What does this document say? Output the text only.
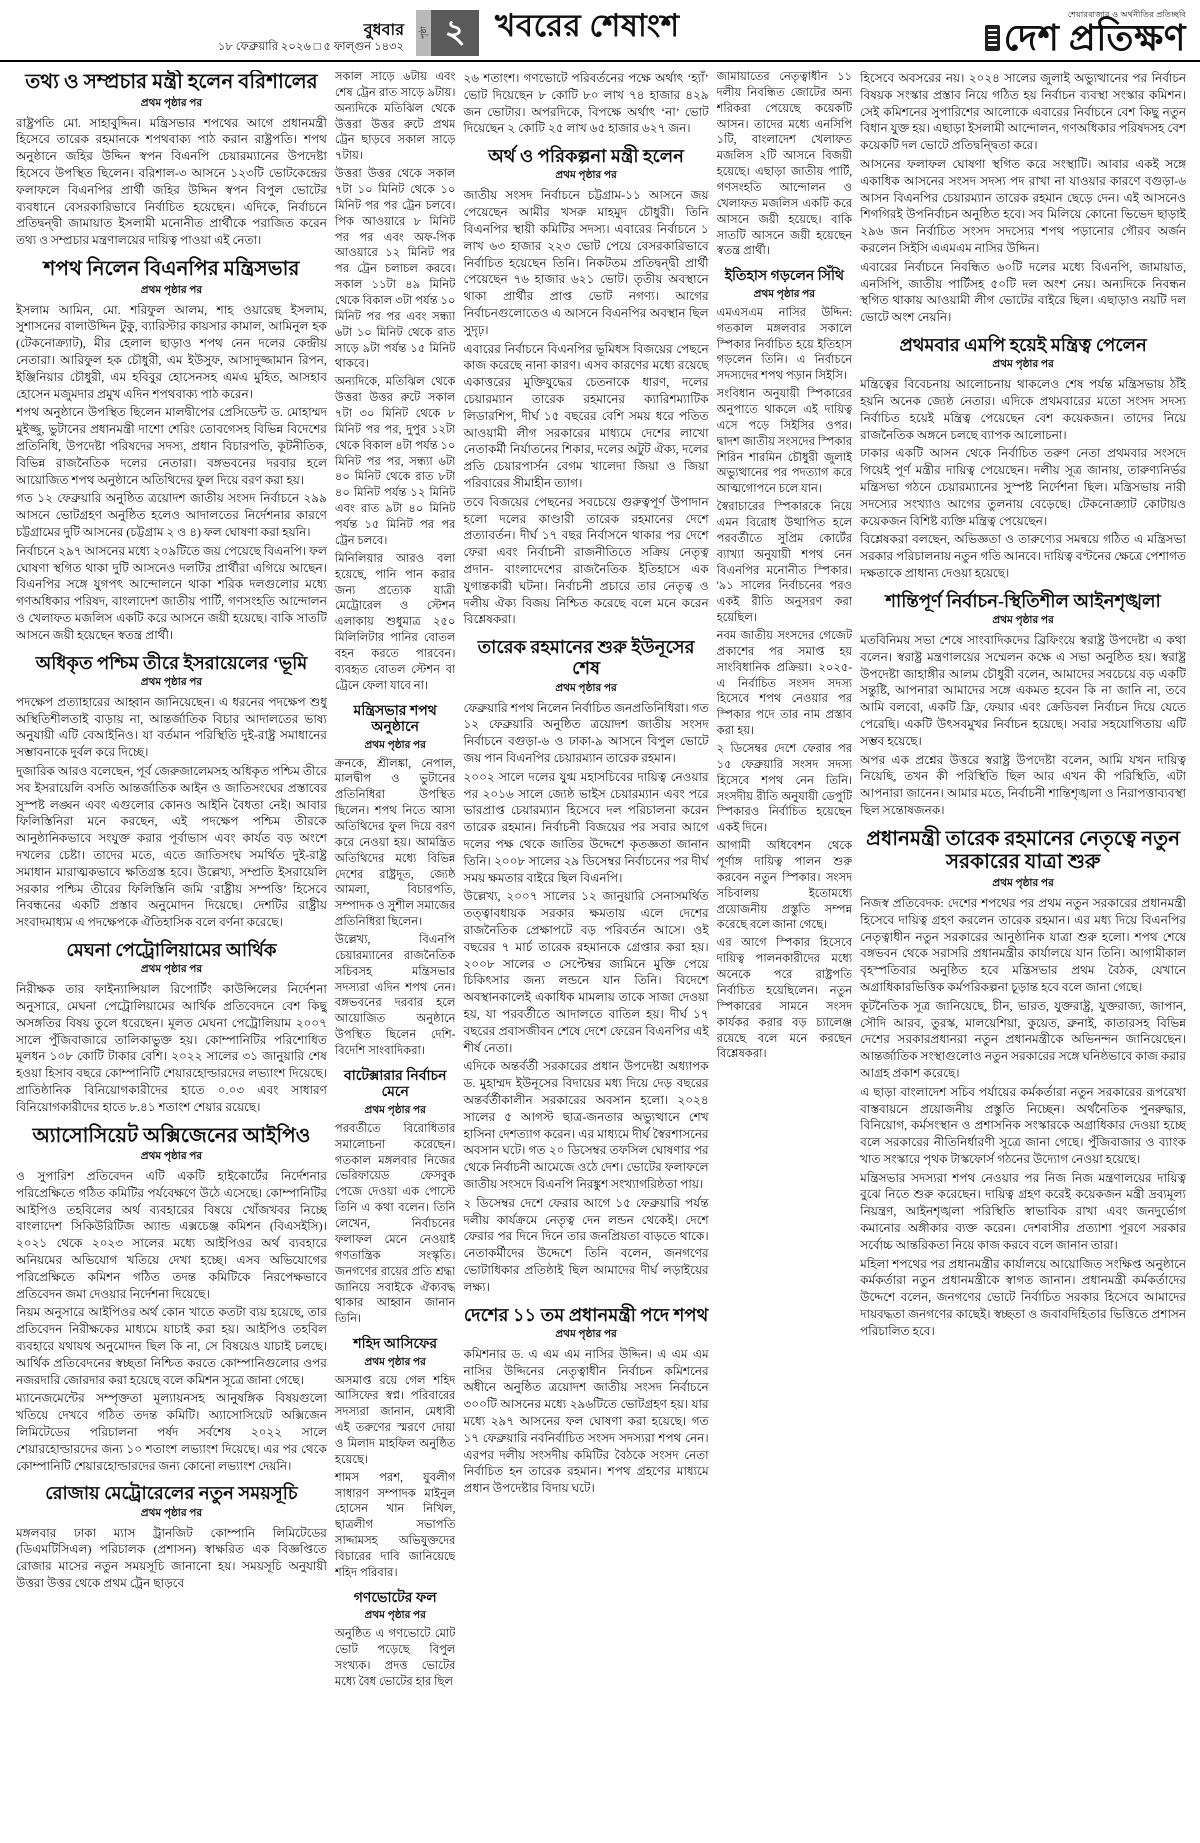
বুধবার
১৮ ফেব্রুয়ারি ২০২৬ □ ৫ ফাল্গুন ১৪৩২
পৃষ্ঠা ২ খবরের শেষাংশ	শেয়ারবাজার ও অর্থনীতির প্রতিচ্ছবি
দেশ প্রতিক্ষণ
তথ্য ও সম্প্রচার মন্ত্রী হলেন বরিশালের
প্রথম পৃষ্ঠার পর

রাষ্ট্রপতি মো. সাহাবুদ্দিন। মন্ত্রিসভার শপথের আগে প্রধানমন্ত্রী হিসেবে তারেক রহমানকে শপথবাক্য পাঠ করান রাষ্ট্রপতি। শপথ অনুষ্ঠানে জহির উদ্দিন স্বপন বিএনপি চেয়ারম্যানের উপদেষ্টা হিসেবে উপস্থিত ছিলেন। বরিশাল-৩ আসনে ১২৩টি ভোটকেন্দ্রের ফলাফলে বিএনপির প্রার্থী জহির উদ্দিন স্বপন বিপুল ভোটের ব্যবধানে বেসরকারিভাবে নির্বাচিত হয়েছেন। এদিকে, নির্বাচনে প্রতিদ্বন্দ্বী জামায়াত ইসলামী মনোনীত প্রার্থীকে পরাজিত করেন তথ্য ও সম্প্রচার মন্ত্রণালয়ের দায়িত্ব পাওয়া এই নেতা।

শপথ নিলেন বিএনপির মন্ত্রিসভার
প্রথম পৃষ্ঠার পর

ইসলাম আমিন, মো. শরিফুল আলম, শাহ ওয়ারেছ ইসলাম, সুশাসনের বালাউদ্দিন টুকু, ব্যারিস্টার কায়সার কামাল, আমিনুল হক (টেকনোক্র্যাট), মীর হেলাল ছাড়াও শপথ নেন দলের কেন্দ্রীয় নেতারা। আরিফুল হক চৌধুরী, এম ইউসুফ, আসাদুজ্জামান রিপন, ইঞ্জিনিয়ার চৌধুরী, এম হবিবুর হোসেনসহ এমএ মুহিত, আসহাব হোসেন মজুমদার প্রমুখ এদিন শপথবাক্য পাঠ করেন।

শপথ অনুষ্ঠানে উপস্থিত ছিলেন মালদ্বীপের প্রেসিডেন্ট ড. মোহাম্মদ মুইজ্জু, ভুটানের প্রধানমন্ত্রী দাশো শেরিং তোবগেসহ বিভিন্ন বিদেশের প্রতিনিধি, উপদেষ্টা পরিষদের সদস্য, প্রধান বিচারপতি, কূটনীতিক, বিভিন্ন রাজনৈতিক দলের নেতারা। বঙ্গভবনের দরবার হলে আয়োজিত শপথ অনুষ্ঠানে অতিথিদের ফুল দিয়ে বরণ করা হয়।

গত ১২ ফেব্রুয়ারি অনুষ্ঠিত ত্রয়োদশ জাতীয় সংসদ নির্বাচনে ২৯৯ আসনে ভোটগ্রহণ অনুষ্ঠিত হলেও আদালতের নির্দেশনার কারণে চট্টগ্রামের দুটি আসনের (চট্টগ্রাম ২ ও ৪) ফল ঘোষণা করা হয়নি।

নির্বাচনে ২৯৭ আসনের মধ্যে ২০৯টিতে জয় পেয়েছে বিএনপি। ফল ঘোষণা স্থগিত থাকা দুটি আসনেও দলটির প্রার্থীরা এগিয়ে আছেন। বিএনপির সঙ্গে যুগপৎ আন্দোলনে থাকা শরিক দলগুলোর মধ্যে গণঅধিকার পরিষদ, বাংলাদেশ জাতীয় পার্টি, গণসংহতি আন্দোলন ও খেলাফত মজলিস একটি করে আসনে জয়ী হয়েছে। বাকি সাতটি আসনে জয়ী হয়েছেন স্বতন্ত্র প্রার্থী।

অধিকৃত পশ্চিম তীরে ইসরায়েলের ‘ভূমি
প্রথম পৃষ্ঠার পর

পদক্ষেপ প্রত্যাহারের আহ্বান জানিয়েছেন। এ ধরনের পদক্ষেপ শুধু অস্থিতিশীলতাই বাড়ায় না, আন্তর্জাতিক বিচার আদালতের ভাষ্য অনুযায়ী এটি বেআইনিও। যা বর্তমান পরিস্থিতি দুই-রাষ্ট্র সমাধানের সম্ভাবনাকে দুর্বল করে দিচ্ছে।

দুজারিক আরও বলেছেন, পূর্ব জেরুজালেমসহ অধিকৃত পশ্চিম তীরে সব ইসরায়েলি বসতি আন্তর্জাতিক আইন ও জাতিসংঘের প্রস্তাবের সুস্পষ্ট লঙ্ঘন এবং এগুলোর কোনও আইনি বৈধতা নেই। আবার ফিলিস্তিনিরা মনে করছেন, এই পদক্ষেপ পশ্চিম তীরকে আনুষ্ঠানিকভাবে সংযুক্ত করার পূর্বাভাস এবং কার্যত বড় অংশে দখলের চেষ্টা। তাদের মতে, এতে জাতিসংঘ সমর্থিত দুই-রাষ্ট্র সমাধান মারাত্মকভাবে ক্ষতিগ্রস্ত হবে। উল্লেখ্য, সম্প্রতি ইসরায়েলি সরকার পশ্চিম তীরের ফিলিস্তিনি জমি ‘রাষ্ট্রীয় সম্পত্তি’ হিসেবে নিবন্ধনের একটি প্রস্তাব অনুমোদন দিয়েছে। দেশটির রাষ্ট্রীয় সংবাদমাধ্যম এ পদক্ষেপকে ঐতিহাসিক বলে বর্ণনা করেছে।

মেঘনা পেট্রোলিয়ামের আর্থিক
প্রথম পৃষ্ঠার পর

নিরীক্ষক তার ফাইন্যান্সিয়াল রিপোর্টিং কাউন্সিলের নির্দেশনা অনুসারে, মেঘনা পেট্রোলিয়ামের আর্থিক প্রতিবেদনে বেশ কিছু অসঙ্গতির বিষয় তুলে ধরেছেন। মূলত মেঘনা পেট্রোলিয়াম ২০০৭ সালে পুঁজিবাজারে তালিকাভুক্ত হয়। কোম্পানিটির পরিশোধিত মূলধন ১০৮ কোটি টাকার বেশি। ২০২২ সালের ৩১ জানুয়ারি শেষ হওয়া হিসাব বছরে কোম্পানিটি শেয়ারহোল্ডারদের লভ্যাংশ দিয়েছে। প্রাতিষ্ঠানিক বিনিয়োগকারীদের হাতে ০.০৩ এবং সাধারণ বিনিয়োগকারীদের হাতে ৮.৪১ শতাংশ শেয়ার রয়েছে।

অ্যাসোসিয়েট অক্সিজেনের আইপিও
প্রথম পৃষ্ঠার পর

ও সুপারিশ প্রতিবেদন এটি একটি হাইকোর্টের নির্দেশনার পরিপ্রেক্ষিতে গঠিত কমিটির পর্যবেক্ষণে উঠে এসেছে। কোম্পানিটির আইপিও তহবিলের অর্থ ব্যবহারের বিষয়ে খোঁজখবর নিচ্ছে বাংলাদেশ সিকিউরিটিজ অ্যান্ড এক্সচেঞ্জ কমিশন (বিএসইসি)। ২০২১ থেকে ২০২৩ সালের মধ্যে আইপিওর অর্থ ব্যবহারে অনিয়মের অভিযোগ খতিয়ে দেখা হচ্ছে। এসব অভিযোগের পরিপ্রেক্ষিতে কমিশন গঠিত তদন্ত কমিটিকে নিরপেক্ষভাবে প্রতিবেদন জমা দেওয়ার নির্দেশনা দিয়েছে।

নিয়ম অনুসারে আইপিওর অর্থ কোন খাতে কতটা ব্যয় হয়েছে, তার প্রতিবেদন নিরীক্ষকের মাধ্যমে যাচাই করা হয়। আইপিও তহবিল ব্যবহারে যথাযথ অনুমোদন ছিল কি না, সে বিষয়েও যাচাই চলছে। আর্থিক প্রতিবেদনের স্বচ্ছতা নিশ্চিত করতে কোম্পানিগুলোর ওপর নজরদারি জোরদার করা হয়েছে বলে কমিশন সূত্রে জানা গেছে।

ম্যানেজমেন্টের সম্পৃক্ততা মূল্যায়নসহ আনুষঙ্গিক বিষয়গুলো খতিয়ে দেখবে গঠিত তদন্ত কমিটি। অ্যাসোসিয়েট অক্সিজেন লিমিটেডের পরিচালনা পর্ষদ সর্বশেষ ২০২২ সালে শেয়ারহোল্ডারদের জন্য ১০ শতাংশ লভ্যাংশ দিয়েছে। এর পর থেকে কোম্পানিটি শেয়ারহোল্ডারদের জন্য কোনো লভ্যাংশ দেয়নি।

রোজায় মেট্রোরেলের নতুন সময়সূচি
প্রথম পৃষ্ঠার পর

মঙ্গলবার ঢাকা ম্যাস ট্রানজিট কোম্পানি লিমিটেডের (ডিএমটিসিএল) পরিচালক (প্রশাসন) স্বাক্ষরিত এক বিজ্ঞপ্তিতে রোজার মাসের নতুন সময়সূচি জানানো হয়। সময়সূচি অনুযায়ী উত্তরা উত্তর থেকে প্রথম ট্রেন ছাড়বে

সকাল সাড়ে ৬টায় এবং শেষ ট্রেন রাত সাড়ে ৯টায়। অন্যদিকে মতিঝিল থেকে উত্তরা উত্তর রুটে প্রথম ট্রেন ছাড়বে সকাল সাড়ে ৭টায়।

উত্তরা উত্তর থেকে সকাল ৭টা ১০ মিনিট থেকে ১০ মিনিট পর পর ট্রেন চলবে। পিক আওয়ারে ৮ মিনিট পর পর এবং অফ-পিক আওয়ারে ১২ মিনিট পর পর ট্রেন চলাচল করবে। সকাল ১১টা ৪৯ মিনিট থেকে বিকাল ৩টা পর্যন্ত ১০ মিনিট পর পর এবং সন্ধ্যা ৬টা ১০ মিনিট থেকে রাত সাড়ে ৯টা পর্যন্ত ১৫ মিনিট থাকবে।

অন্যদিকে, মতিঝিল থেকে উত্তরা উত্তর রুটে সকাল ৭টা ৩০ মিনিট থেকে ৮ মিনিট পর পর, দুপুর ১২টা থেকে বিকাল ৪টা পর্যন্ত ১০ মিনিট পর পর, সন্ধ্যা ৬টা ৪০ মিনিট থেকে রাত ৮টা ৪০ মিনিট পর্যন্ত ১২ মিনিট এবং রাত ৯টা ৪০ মিনিট পর্যন্ত ১৫ মিনিট পর পর ট্রেন চলবে।

মিনিলিয়ার আরও বলা হয়েছে, পানি পান করার জন্য প্রত্যেক যাত্রী মেট্রোরেল ও স্টেশন এলাকায় শুধুমাত্র ২৫০ মিলিলিটার পানির বোতল বহন করতে পারবেন। ব্যবহৃত বোতল স্টেশন বা ট্রেনে ফেলা যাবে না।

মন্ত্রিসভার শপথ অনুষ্ঠানে
প্রথম পৃষ্ঠার পর

ক্রনকে, শ্রীলঙ্কা, নেপাল, মালদ্বীপ ও ভুটানের প্রতিনিধিরা উপস্থিত ছিলেন। শপথ নিতে আসা অতিথিদের ফুল দিয়ে বরণ করে নেওয়া হয়। আমন্ত্রিত অতিথিদের মধ্যে বিভিন্ন দেশের রাষ্ট্রদূত, জ্যেষ্ঠ আমলা, বিচারপতি, সম্পাদক ও সুশীল সমাজের প্রতিনিধিরা ছিলেন।

উল্লেখ্য, বিএনপি চেয়ারম্যানের রাজনৈতিক সচিবসহ মন্ত্রিসভার সদস্যরা এদিন শপথ নেন। বঙ্গভবনের দরবার হলে আয়োজিত অনুষ্ঠানে উপস্থিত ছিলেন দেশি-বিদেশি সাংবাদিকরা।

বাটেক্সারার নির্বাচন মেনে
প্রথম পৃষ্ঠার পর

পরবর্তীতে বিরোধিতার সমালোচনা করেছেন। গতকাল মঙ্গলবার নিজের ভেরিফায়েড ফেসবুক পেজে দেওয়া এক পোস্টে তিনি এ কথা বলেন। তিনি লেখেন, নির্বাচনের ফলাফল মেনে নেওয়াই গণতান্ত্রিক সংস্কৃতি। জনগণের রায়ের প্রতি শ্রদ্ধা জানিয়ে সবাইকে ঐক্যবদ্ধ থাকার আহ্বান জানান তিনি।

শহিদ আসিফের
প্রথম পৃষ্ঠার পর

অসমাপ্ত রয়ে গেল শহিদ আসিফের স্বপ্ন। পরিবারের সদস্যরা জানান, মেধাবী এই তরুণের স্মরণে দোয়া ও মিলাদ মাহফিল অনুষ্ঠিত হয়েছে।

শামস পরশ, যুবলীগ সাধারণ সম্পাদক মাইনুল হোসেন খান নিখিল, ছাত্রলীগ সভাপতি সাদ্দামসহ অভিযুক্তদের বিচারের দাবি জানিয়েছে শহিদ পরিবার।

গণভোটের ফল
প্রথম পৃষ্ঠার পর

অনুষ্ঠিত এ গণভোটে মোট ভোট পড়েছে বিপুল সংখ্যক। প্রদত্ত ভোটের মধ্যে বৈধ ভোটের হার ছিল

২৬ শতাংশ। গণভোটে পরিবর্তনের পক্ষে অর্থাৎ ‘হ্যাঁ’ ভোট দিয়েছেন ৮ কোটি ৮০ লাখ ৭৪ হাজার ৪২৯ জন ভোটার। অপরদিকে, বিপক্ষে অর্থাৎ ‘না’ ভোট দিয়েছেন ২ কোটি ২৫ লাখ ৬৫ হাজার ৬২৭ জন।

অর্থ ও পরিকল্পনা মন্ত্রী হলেন
প্রথম পৃষ্ঠার পর

জাতীয় সংসদ নির্বাচনে চট্টগ্রাম-১১ আসনে জয় পেয়েছেন আমীর খসরু মাহমুদ চৌধুরী। তিনি বিএনপির স্থায়ী কমিটির সদস্য। এবারের নির্বাচনে ১ লাখ ৬৩ হাজার ২২৩ ভোট পেয়ে বেসরকারিভাবে নির্বাচিত হয়েছেন তিনি। নিকটতম প্রতিদ্বন্দ্বী প্রার্থী পেয়েছেন ৭৬ হাজার ৬২১ ভোট। তৃতীয় অবস্থানে থাকা প্রার্থীর প্রাপ্ত ভোট নগণ্য। আগের নির্বাচনগুলোতেও এ আসনে বিএনপির অবস্থান ছিল সুদৃঢ়।

এবারের নির্বাচনে বিএনপির ভূমিধস বিজয়ের পেছনে কাজ করেছে নানা কারণ। এসব কারণের মধ্যে রয়েছে একাত্তরের মুক্তিযুদ্ধের চেতনাকে ধারণ, দলের চেয়ারম্যান তারেক রহমানের ক্যারিশম্যাটিক লিডারশিপ, দীর্ঘ ১৫ বছরের বেশি সময় ধরে পতিত আওয়ামী লীগ সরকারের মাধ্যমে দেশের লাখো নেতাকর্মী নির্যাতনের শিকার, দলের অটুট ঐক্য, দলের প্রতি চেয়ারপার্সন বেগম খালেদা জিয়া ও জিয়া পরিবারের সীমাহীন ত্যাগ।

তবে বিজয়ের পেছনের সবচেয়ে গুরুত্বপূর্ণ উপাদান হলো দলের কাণ্ডারী তারেক রহমানের দেশে প্রত্যাবর্তন। দীর্ঘ ১৭ বছর নির্বাসনে থাকার পর দেশে ফেরা এবং নির্বাচনী রাজনীতিতে সক্রিয় নেতৃত্ব প্রদান- বাংলাদেশের রাজনৈতিক ইতিহাসে এক যুগান্তকারী ঘটনা। নির্বাচনী প্রচারে তার নেতৃত্ব ও দলীয় ঐক্য বিজয় নিশ্চিত করেছে বলে মনে করেন বিশ্লেষকরা।

তারেক রহমানের শুরু ইউনূসের শেষ
প্রথম পৃষ্ঠার পর

ফেব্রুয়ারি শপথ নিলেন নির্বাচিত জনপ্রতিনিধিরা। গত ১২ ফেব্রুয়ারি অনুষ্ঠিত ত্রয়োদশ জাতীয় সংসদ নির্বাচনে বগুড়া-৬ ও ঢাকা-৯ আসনে বিপুল ভোটে জয় পান বিএনপির চেয়ারম্যান তারেক রহমান।

২০০২ সালে দলের যুগ্ম মহাসচিবের দায়িত্ব নেওয়ার পর ২০১৬ সালে জ্যেষ্ঠ ভাইস চেয়ারম্যান এবং পরে ভারপ্রাপ্ত চেয়ারম্যান হিসেবে দল পরিচালনা করেন তারেক রহমান। নির্বাচনী বিজয়ের পর সবার আগে দলের পক্ষ থেকে জাতির উদ্দেশে কৃতজ্ঞতা জানান তিনি। ২০০৮ সালের ২৯ ডিসেম্বর নির্বাচনের পর দীর্ঘ সময় ক্ষমতার বাইরে ছিল বিএনপি।

উল্লেখ্য, ২০০৭ সালের ১২ জানুয়ারি সেনাসমর্থিত তত্ত্বাবধায়ক সরকার ক্ষমতায় এলে দেশের রাজনৈতিক প্রেক্ষাপটে বড় পরিবর্তন আসে। ওই বছরের ৭ মার্চ তারেক রহমানকে গ্রেপ্তার করা হয়। ২০০৮ সালের ৩ সেপ্টেম্বর জামিনে মুক্তি পেয়ে চিকিৎসার জন্য লন্ডনে যান তিনি। বিদেশে অবস্থানকালেই একাধিক মামলায় তাকে সাজা দেওয়া হয়, যা পরবর্তীতে আদালতে বাতিল হয়। দীর্ঘ ১৭ বছরের প্রবাসজীবন শেষে দেশে ফেরেন বিএনপির এই শীর্ষ নেতা।

এদিকে অন্তর্বর্তী সরকারের প্রধান উপদেষ্টা অধ্যাপক ড. মুহাম্মদ ইউনূসের বিদায়ের মধ্য দিয়ে দেড় বছরের অন্তর্বর্তীকালীন সরকারের অবসান হলো। ২০২৪ সালের ৫ আগস্ট ছাত্র-জনতার অভ্যুত্থানে শেখ হাসিনা দেশত্যাগ করেন। এর মাধ্যমে দীর্ঘ স্বৈরশাসনের অবসান ঘটে। গত ২০ ডিসেম্বর তফসিল ঘোষণার পর থেকে নির্বাচনী আমেজে ওঠে দেশ। ভোটের ফলাফলে জাতীয় সংসদে বিএনপি নিরঙ্কুশ সংখ্যাগরিষ্ঠতা পায়।

২ ডিসেম্বর দেশে ফেরার আগে ১৫ ফেব্রুয়ারি পর্যন্ত দলীয় কার্যক্রমে নেতৃত্ব দেন লন্ডন থেকেই। দেশে ফেরার পর দিনে দিনে তার জনপ্রিয়তা বাড়তে থাকে। নেতাকর্মীদের উদ্দেশে তিনি বলেন, জনগণের ভোটাধিকার প্রতিষ্ঠাই ছিল আমাদের দীর্ঘ লড়াইয়ের লক্ষ্য।

দেশের ১১ তম প্রধানমন্ত্রী পদে শপথ
প্রথম পৃষ্ঠার পর

কমিশনার ড. এ এম এম নাসির উদ্দিন। এ এম এম নাসির উদ্দিনের নেতৃত্বাধীন নির্বাচন কমিশনের অধীনে অনুষ্ঠিত ত্রয়োদশ জাতীয় সংসদ নির্বাচনে ৩০০টি আসনের মধ্যে ২৯৬টিতে ভোটগ্রহণ হয়। যার মধ্যে ২৯৭ আসনের ফল ঘোষণা করা হয়েছে। গত ১৭ ফেব্রুয়ারি নবনির্বাচিত সংসদ সদস্যরা শপথ নেন। এরপর দলীয় সংসদীয় কমিটির বৈঠকে সংসদ নেতা নির্বাচিত হন তারেক রহমান। শপথ গ্রহণের মাধ্যমে প্রধান উপদেষ্টার বিদায় ঘটে।

জামায়াতের নেতৃত্বাধীন ১১ দলীয় নিবন্ধিত জোটের অন্য শরিকরা পেয়েছে কয়েকটি আসন। তাদের মধ্যে এনসিপি ১টি, বাংলাদেশ খেলাফত মজলিস ২টি আসনে বিজয়ী হয়েছে। এছাড়া জাতীয় পার্টি, গণসংহতি আন্দোলন ও খেলাফত মজলিস একটি করে আসনে জয়ী হয়েছে। বাকি সাতটি আসনে জয়ী হয়েছেন স্বতন্ত্র প্রার্থী।

ইতিহাস গড়লেন সিঁথি
প্রথম পৃষ্ঠার পর

এমএসএম নাসির উদ্দিন: গতকাল মঙ্গলবার সকালে স্পিকার নির্বাচিত হয়ে ইতিহাস গড়লেন তিনি। এ নির্বাচনে সদস্যদের শপথ পড়ান সিইসি।

সংবিধান অনুযায়ী স্পিকারের অনুপাতে থাকলে এই দায়িত্ব এসে পড়ে সিইসির ওপর। দ্বাদশ জাতীয় সংসদের স্পিকার শিরিন শারমিন চৌধুরী জুলাই অভ্যুত্থানের পর পদত্যাগ করে আত্মগোপনে চলে যান।

স্বৈরাচারের স্পিকারকে নিয়ে এমন বিরোধ উত্থাপিত হলে পরবর্তীতে সুপ্রিম কোর্টের ব্যাখ্যা অনুযায়ী শপথ নেন বিএনপির মনোনীত স্পিকার। '৯১ সালের নির্বাচনের পরও একই রীতি অনুসরণ করা হয়েছিল।

নবম জাতীয় সংসদের গেজেট প্রকাশের পর সমাপ্ত হয় সাংবিধানিক প্রক্রিয়া। ২০২৫-এ নির্বাচিত সংসদ সদস্য হিসেবে শপথ নেওয়ার পর স্পিকার পদে তার নাম প্রস্তাব করা হয়।

২ ডিসেম্বর দেশে ফেরার পর ১৫ ফেব্রুয়ারি সংসদ সদস্য হিসেবে শপথ নেন তিনি। সংসদীয় রীতি অনুযায়ী ডেপুটি স্পিকারও নির্বাচিত হয়েছেন একই দিনে।

আগামী অধিবেশন থেকে পূর্ণাঙ্গ দায়িত্ব পালন শুরু করবেন নতুন স্পিকার। সংসদ সচিবালয় ইতোমধ্যে প্রয়োজনীয় প্রস্তুতি সম্পন্ন করেছে বলে জানা গেছে।

এর আগে স্পিকার হিসেবে দায়িত্ব পালনকারীদের মধ্যে অনেকে পরে রাষ্ট্রপতি নির্বাচিত হয়েছিলেন। নতুন স্পিকারের সামনে সংসদ কার্যকর করার বড় চ্যালেঞ্জ রয়েছে বলে মনে করছেন বিশ্লেষকরা।

হিসেবে অবসরের নয়। ২০২৪ সালের জুলাই অভ্যুত্থানের পর নির্বাচন বিষয়ক সংস্কার প্রস্তাব নিয়ে গঠিত হয় নির্বাচন ব্যবস্থা সংস্কার কমিশন। সেই কমিশনের সুপারিশের আলোকে এবারের নির্বাচনে বেশ কিছু নতুন বিধান যুক্ত হয়। এছাড়া ইসলামী আন্দোলন, গণঅধিকার পরিষদসহ বেশ কয়েকটি দল ভোটে প্রতিদ্বন্দ্বিতা করে।

আসনের ফলাফল ঘোষণা স্থগিত করে সংস্থাটি। আবার একই সঙ্গে একাধিক আসনের সংসদ সদস্য পদ রাখা না যাওয়ার কারণে বগুড়া-৬ আসন বিএনপির চেয়ারম্যান তারেক রহমান ছেড়ে দেন। এই আসনেও শিগগিরই উপনির্বাচন অনুষ্ঠিত হবে। সব মিলিয়ে কোনো ভিভেদ ছাড়াই ২৯৬ জন নির্বাচিত সংসদ সদস্যের শপথ পড়ানোর গৌরব অর্জন করলেন সিইসি এএমএম নাসির উদ্দিন।

এবারের নির্বাচনে নিবন্ধিত ৬০টি দলের মধ্যে বিএনপি, জামায়াত, এনসিপি, জাতীয় পার্টিসহ ৫০টি দল অংশ নেয়। অন্যদিকে নিবন্ধন স্থগিত থাকায় আওয়ামী লীগ ভোটের বাইরে ছিল। এছাড়াও নয়টি দল ভোটে অংশ নেয়নি।

প্রথমবার এমপি হয়েই মন্ত্রিত্ব পেলেন
প্রথম পৃষ্ঠার পর

মন্ত্রিত্বের বিবেচনায় আলোচনায় থাকলেও শেষ পর্যন্ত মন্ত্রিসভায় ঠাঁই হয়নি অনেক জ্যেষ্ঠ নেতার। এদিকে প্রথমবারের মতো সংসদ সদস্য নির্বাচিত হয়েই মন্ত্রিত্ব পেয়েছেন বেশ কয়েকজন। তাদের নিয়ে রাজনৈতিক অঙ্গনে চলছে ব্যাপক আলোচনা।

ঢাকার একটি আসন থেকে নির্বাচিত তরুণ নেতা প্রথমবার সংসদে গিয়েই পূর্ণ মন্ত্রীর দায়িত্ব পেয়েছেন। দলীয় সূত্র জানায়, তারুণ্যনির্ভর মন্ত্রিসভা গঠনে চেয়ারম্যানের সুস্পষ্ট নির্দেশনা ছিল। মন্ত্রিসভায় নারী সদস্যের সংখ্যাও আগের তুলনায় বেড়েছে। টেকনোক্র্যাট কোটায়ও কয়েকজন বিশিষ্ট ব্যক্তি মন্ত্রিত্ব পেয়েছেন।

বিশ্লেষকরা বলছেন, অভিজ্ঞতা ও তারুণ্যের সমন্বয়ে গঠিত এ মন্ত্রিসভা সরকার পরিচালনায় নতুন গতি আনবে। দায়িত্ব বণ্টনের ক্ষেত্রে পেশাগত দক্ষতাকে প্রাধান্য দেওয়া হয়েছে।

শান্তিপূর্ণ নির্বাচন-স্থিতিশীল আইনশৃঙ্খলা
প্রথম পৃষ্ঠার পর

মতবিনিময় সভা শেষে সাংবাদিকদের ব্রিফিংয়ে স্বরাষ্ট্র উপদেষ্টা এ কথা বলেন। স্বরাষ্ট্র মন্ত্রণালয়ের সম্মেলন কক্ষে এ সভা অনুষ্ঠিত হয়। স্বরাষ্ট্র উপদেষ্টা জাহাঙ্গীর আলম চৌধুরী বলেন, আমাদের সবচেয়ে বড় একটি সন্তুষ্টি, আপনারা আমাদের সঙ্গে একমত হবেন কি না জানি না, তবে আমি বলবো, একটি ফ্রি, ফেয়ার এবং ক্রেডিবল নির্বাচন দিয়ে যেতে পেরেছি। একটি উৎসবমুখর নির্বাচন হয়েছে। সবার সহযোগিতায় এটি সম্ভব হয়েছে।

অপর এক প্রশ্নের উত্তরে স্বরাষ্ট্র উপদেষ্টা বলেন, আমি যখন দায়িত্ব নিয়েছি, তখন কী পরিস্থিতি ছিল আর এখন কী পরিস্থিতি, এটা আপনারা জানেন। আমার মতে, নির্বাচনী শান্তিশৃঙ্খলা ও নিরাপত্তাব্যবস্থা ছিল সন্তোষজনক।

প্রধানমন্ত্রী তারেক রহমানের নেতৃত্বে নতুন সরকারের যাত্রা শুরু
প্রথম পৃষ্ঠার পর

নিজস্ব প্রতিবেদক: দেশের শপথের পর প্রথম নতুন সরকারের প্রধানমন্ত্রী হিসেবে দায়িত্ব গ্রহণ করলেন তারেক রহমান। এর মধ্য দিয়ে বিএনপির নেতৃত্বাধীন নতুন সরকারের আনুষ্ঠানিক যাত্রা শুরু হলো। শপথ শেষে বঙ্গভবন থেকে সরাসরি প্রধানমন্ত্রীর কার্যালয়ে যান তিনি। আগামীকাল বৃহস্পতিবার অনুষ্ঠিত হবে মন্ত্রিসভার প্রথম বৈঠক, যেখানে অগ্রাধিকারভিত্তিক কর্মপরিকল্পনা চূড়ান্ত হবে বলে জানা গেছে।

কূটনৈতিক সূত্র জানিয়েছে, চীন, ভারত, যুক্তরাষ্ট্র, যুক্তরাজ্য, জাপান, সৌদি আরব, তুরস্ক, মালয়েশিয়া, কুয়েত, ব্রুনাই, কাতারসহ বিভিন্ন দেশের সরকারপ্রধানরা নতুন প্রধানমন্ত্রীকে অভিনন্দন জানিয়েছেন। আন্তর্জাতিক সংস্থাগুলোও নতুন সরকারের সঙ্গে ঘনিষ্ঠভাবে কাজ করার আগ্রহ প্রকাশ করেছে।

এ ছাড়া বাংলাদেশ সচিব পর্যায়ের কর্মকর্তারা নতুন সরকারের রূপরেখা বাস্তবায়নে প্রয়োজনীয় প্রস্তুতি নিচ্ছেন। অর্থনৈতিক পুনরুদ্ধার, বিনিয়োগ, কর্মসংস্থান ও প্রশাসনিক সংস্কারকে অগ্রাধিকার দেওয়া হচ্ছে বলে সরকারের নীতিনির্ধারণী সূত্রে জানা গেছে। পুঁজিবাজার ও ব্যাংক খাত সংস্কারে পৃথক টাস্কফোর্স গঠনের উদ্যোগ নেওয়া হয়েছে।

মন্ত্রিসভার সদস্যরা শপথ নেওয়ার পর নিজ নিজ মন্ত্রণালয়ের দায়িত্ব বুঝে নিতে শুরু করেছেন। দায়িত্ব গ্রহণ করেই কয়েকজন মন্ত্রী দ্রব্যমূল্য নিয়ন্ত্রণ, আইনশৃঙ্খলা পরিস্থিতি স্বাভাবিক রাখা এবং জনদুর্ভোগ কমানোর অঙ্গীকার ব্যক্ত করেন। দেশবাসীর প্রত্যাশা পূরণে সরকার সর্বোচ্চ আন্তরিকতা নিয়ে কাজ করবে বলে জানান তারা।

মহিলা শপথের পর প্রধানমন্ত্রীর কার্যালয়ে আয়োজিত সংক্ষিপ্ত অনুষ্ঠানে কর্মকর্তারা নতুন প্রধানমন্ত্রীকে স্বাগত জানান। প্রধানমন্ত্রী কর্মকর্তাদের উদ্দেশে বলেন, জনগণের ভোটে নির্বাচিত সরকার হিসেবে আমাদের দায়বদ্ধতা জনগণের কাছেই। স্বচ্ছতা ও জবাবদিহিতার ভিত্তিতে প্রশাসন পরিচালিত হবে।
